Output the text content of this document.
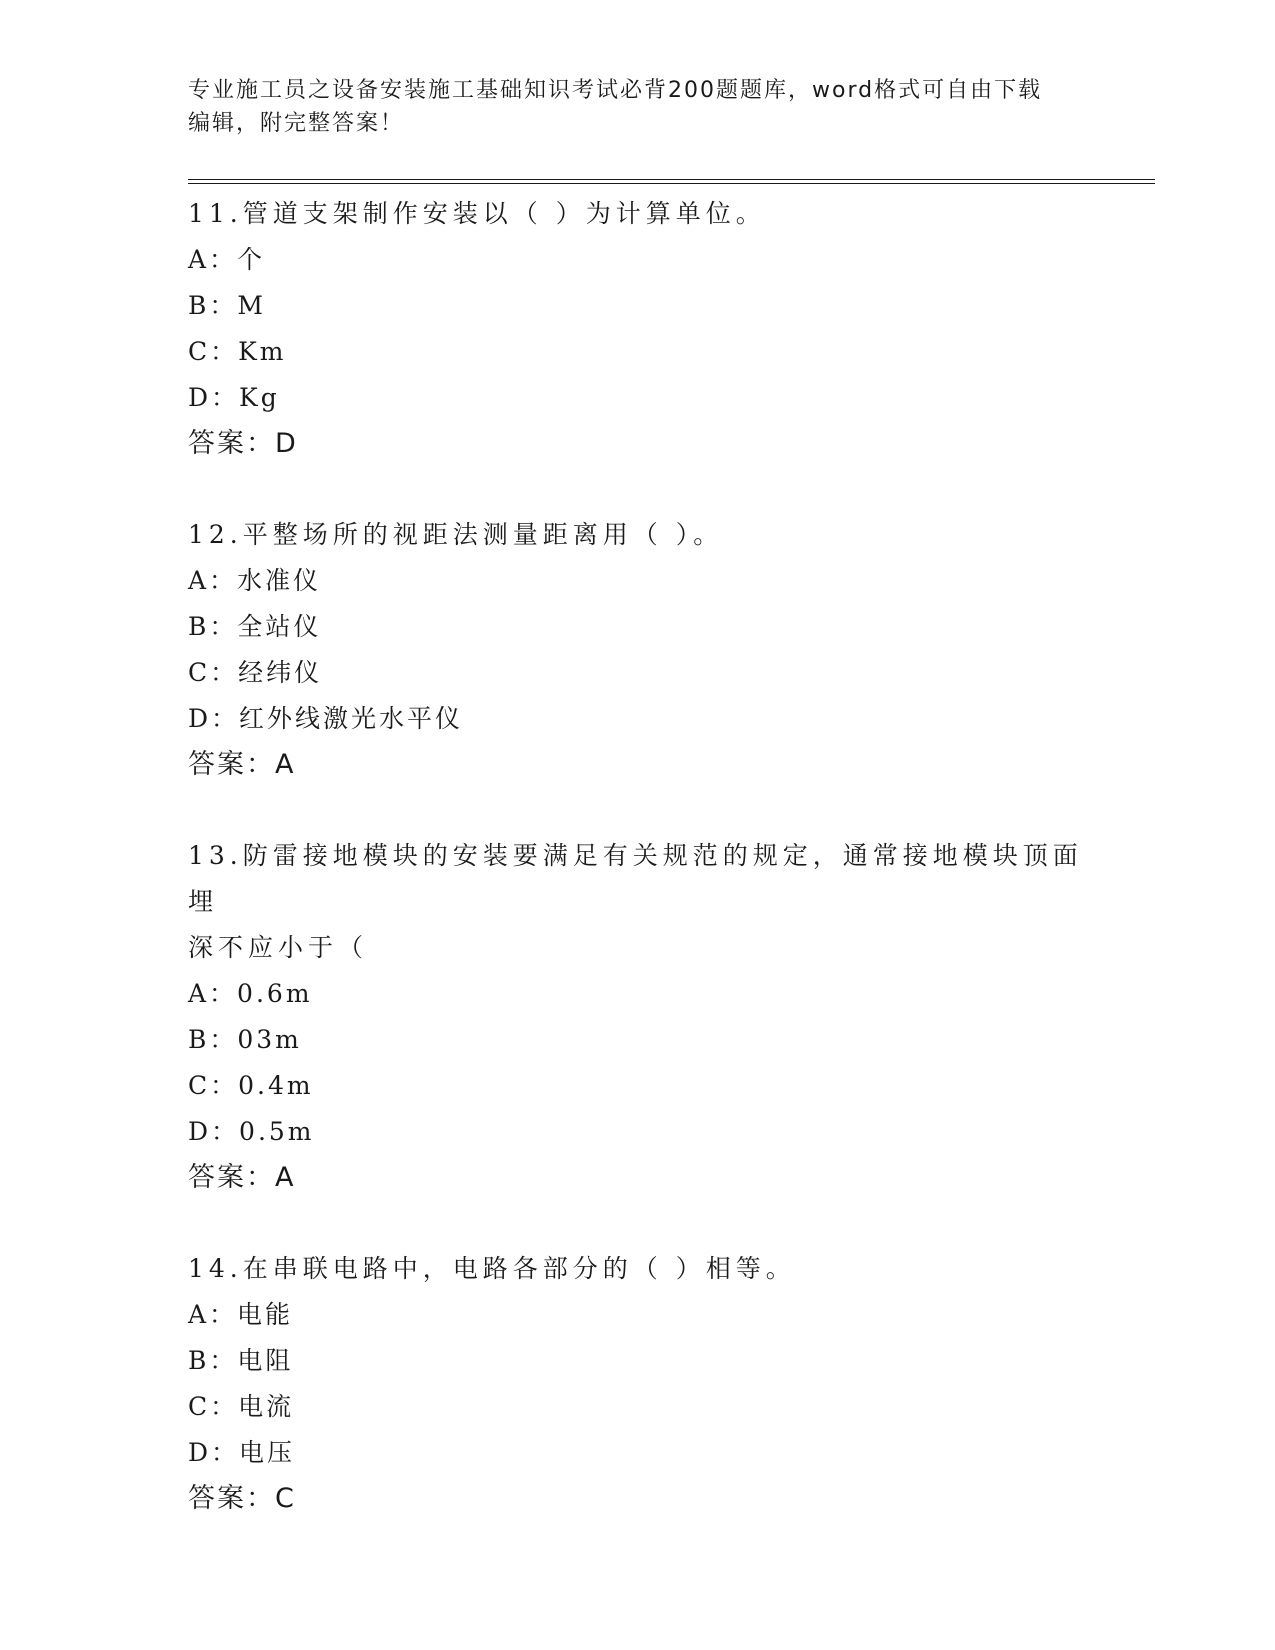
专业施工员之设备安装施工基础知识考试必背200题题库，word格式可自由下载
编辑，附完整答案！

11.管道支架制作安装以（ ）为计算单位。

A：个

B：M

C：Km

D：Kg

答案：D

12.平整场所的视距法测量距离用（ ）。

A：水准仪

B：全站仪

C：经纬仪

D：红外线激光水平仪

答案：A

13.防雷接地模块的安装要满足有关规范的规定，通常接地模块顶面埋

深不应小于（

A：0.6m

B：03m

C：0.4m

D：0.5m

答案：A

14.在串联电路中，电路各部分的（ ）相等。

A：电能

B：电阻

C：电流

D：电压

答案：C
